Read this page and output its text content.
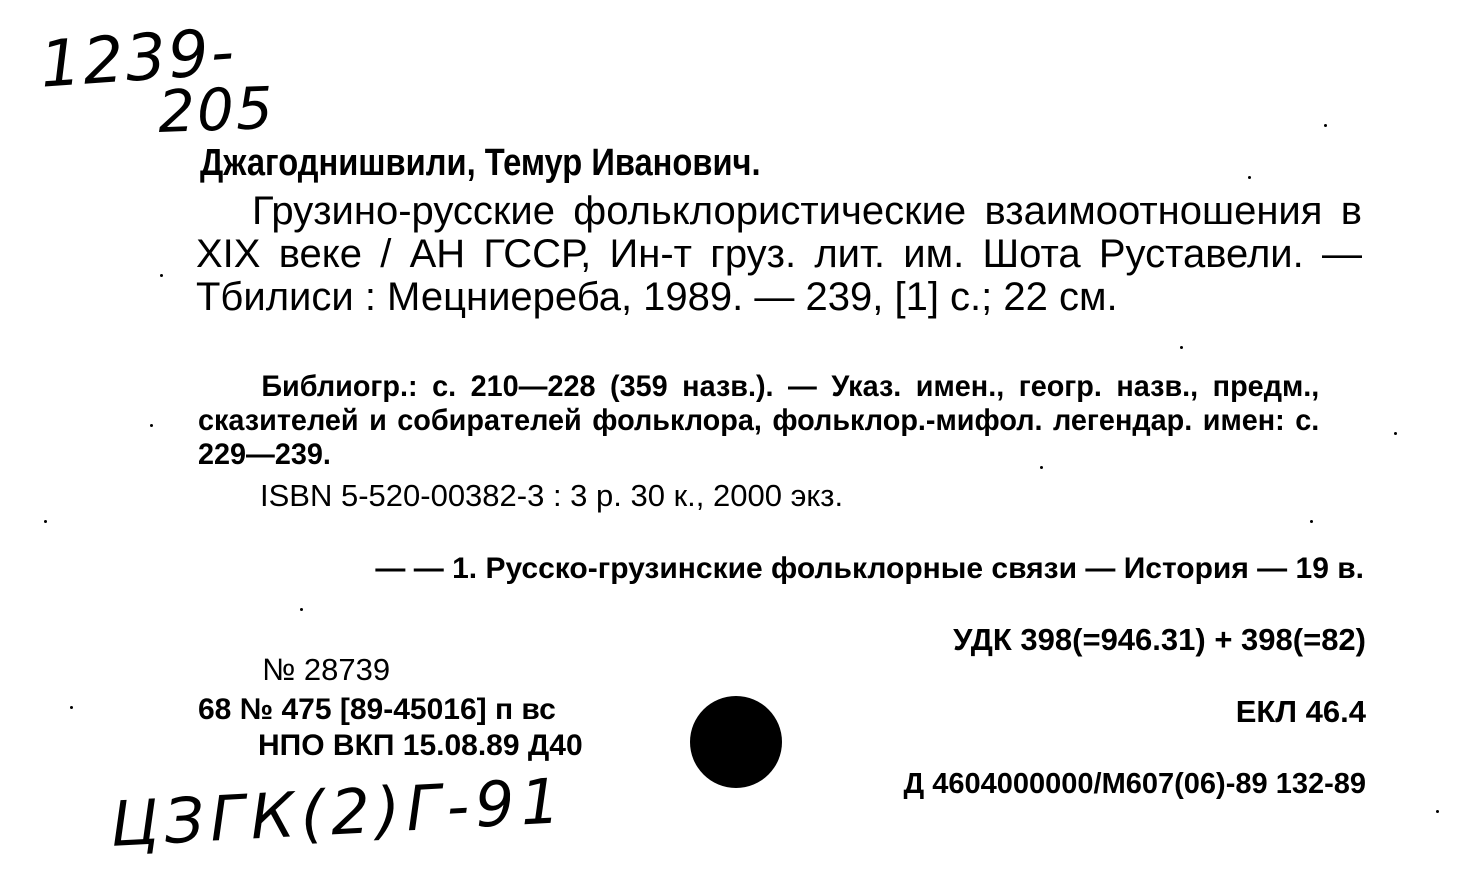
1239-
205
Джагоднишвили, Темур Иванович.
Грузино-русские фольклористические взаимоотношения в XIX веке / АН ГССР, Ин-т груз. лит. им. Шота Руставели. — Тбилиси : Мецниереба, 1989. — 239, [1] с.; 22 см.
Библиогр.: с. 210—228 (359 назв.). — Указ. имен., геогр. назв., предм., сказителей и собирателей фольклора, фольклор.-мифол. легендар. имен: с. 229—239.
ISBN 5-520-00382-3 : 3 р. 30 к., 2000 экз.
— — 1. Русско-грузинские фольклорные связи — История — 19 в.
УДК 398(=946.31) + 398(=82)
№ 28739
68 № 475 [89-45016] п вс
НПО ВКП 15.08.89 Д40
ЕКЛ 46.4
Д 4604000000/М607(06)-89 132-89
ЦЗГК(2)Г-91
